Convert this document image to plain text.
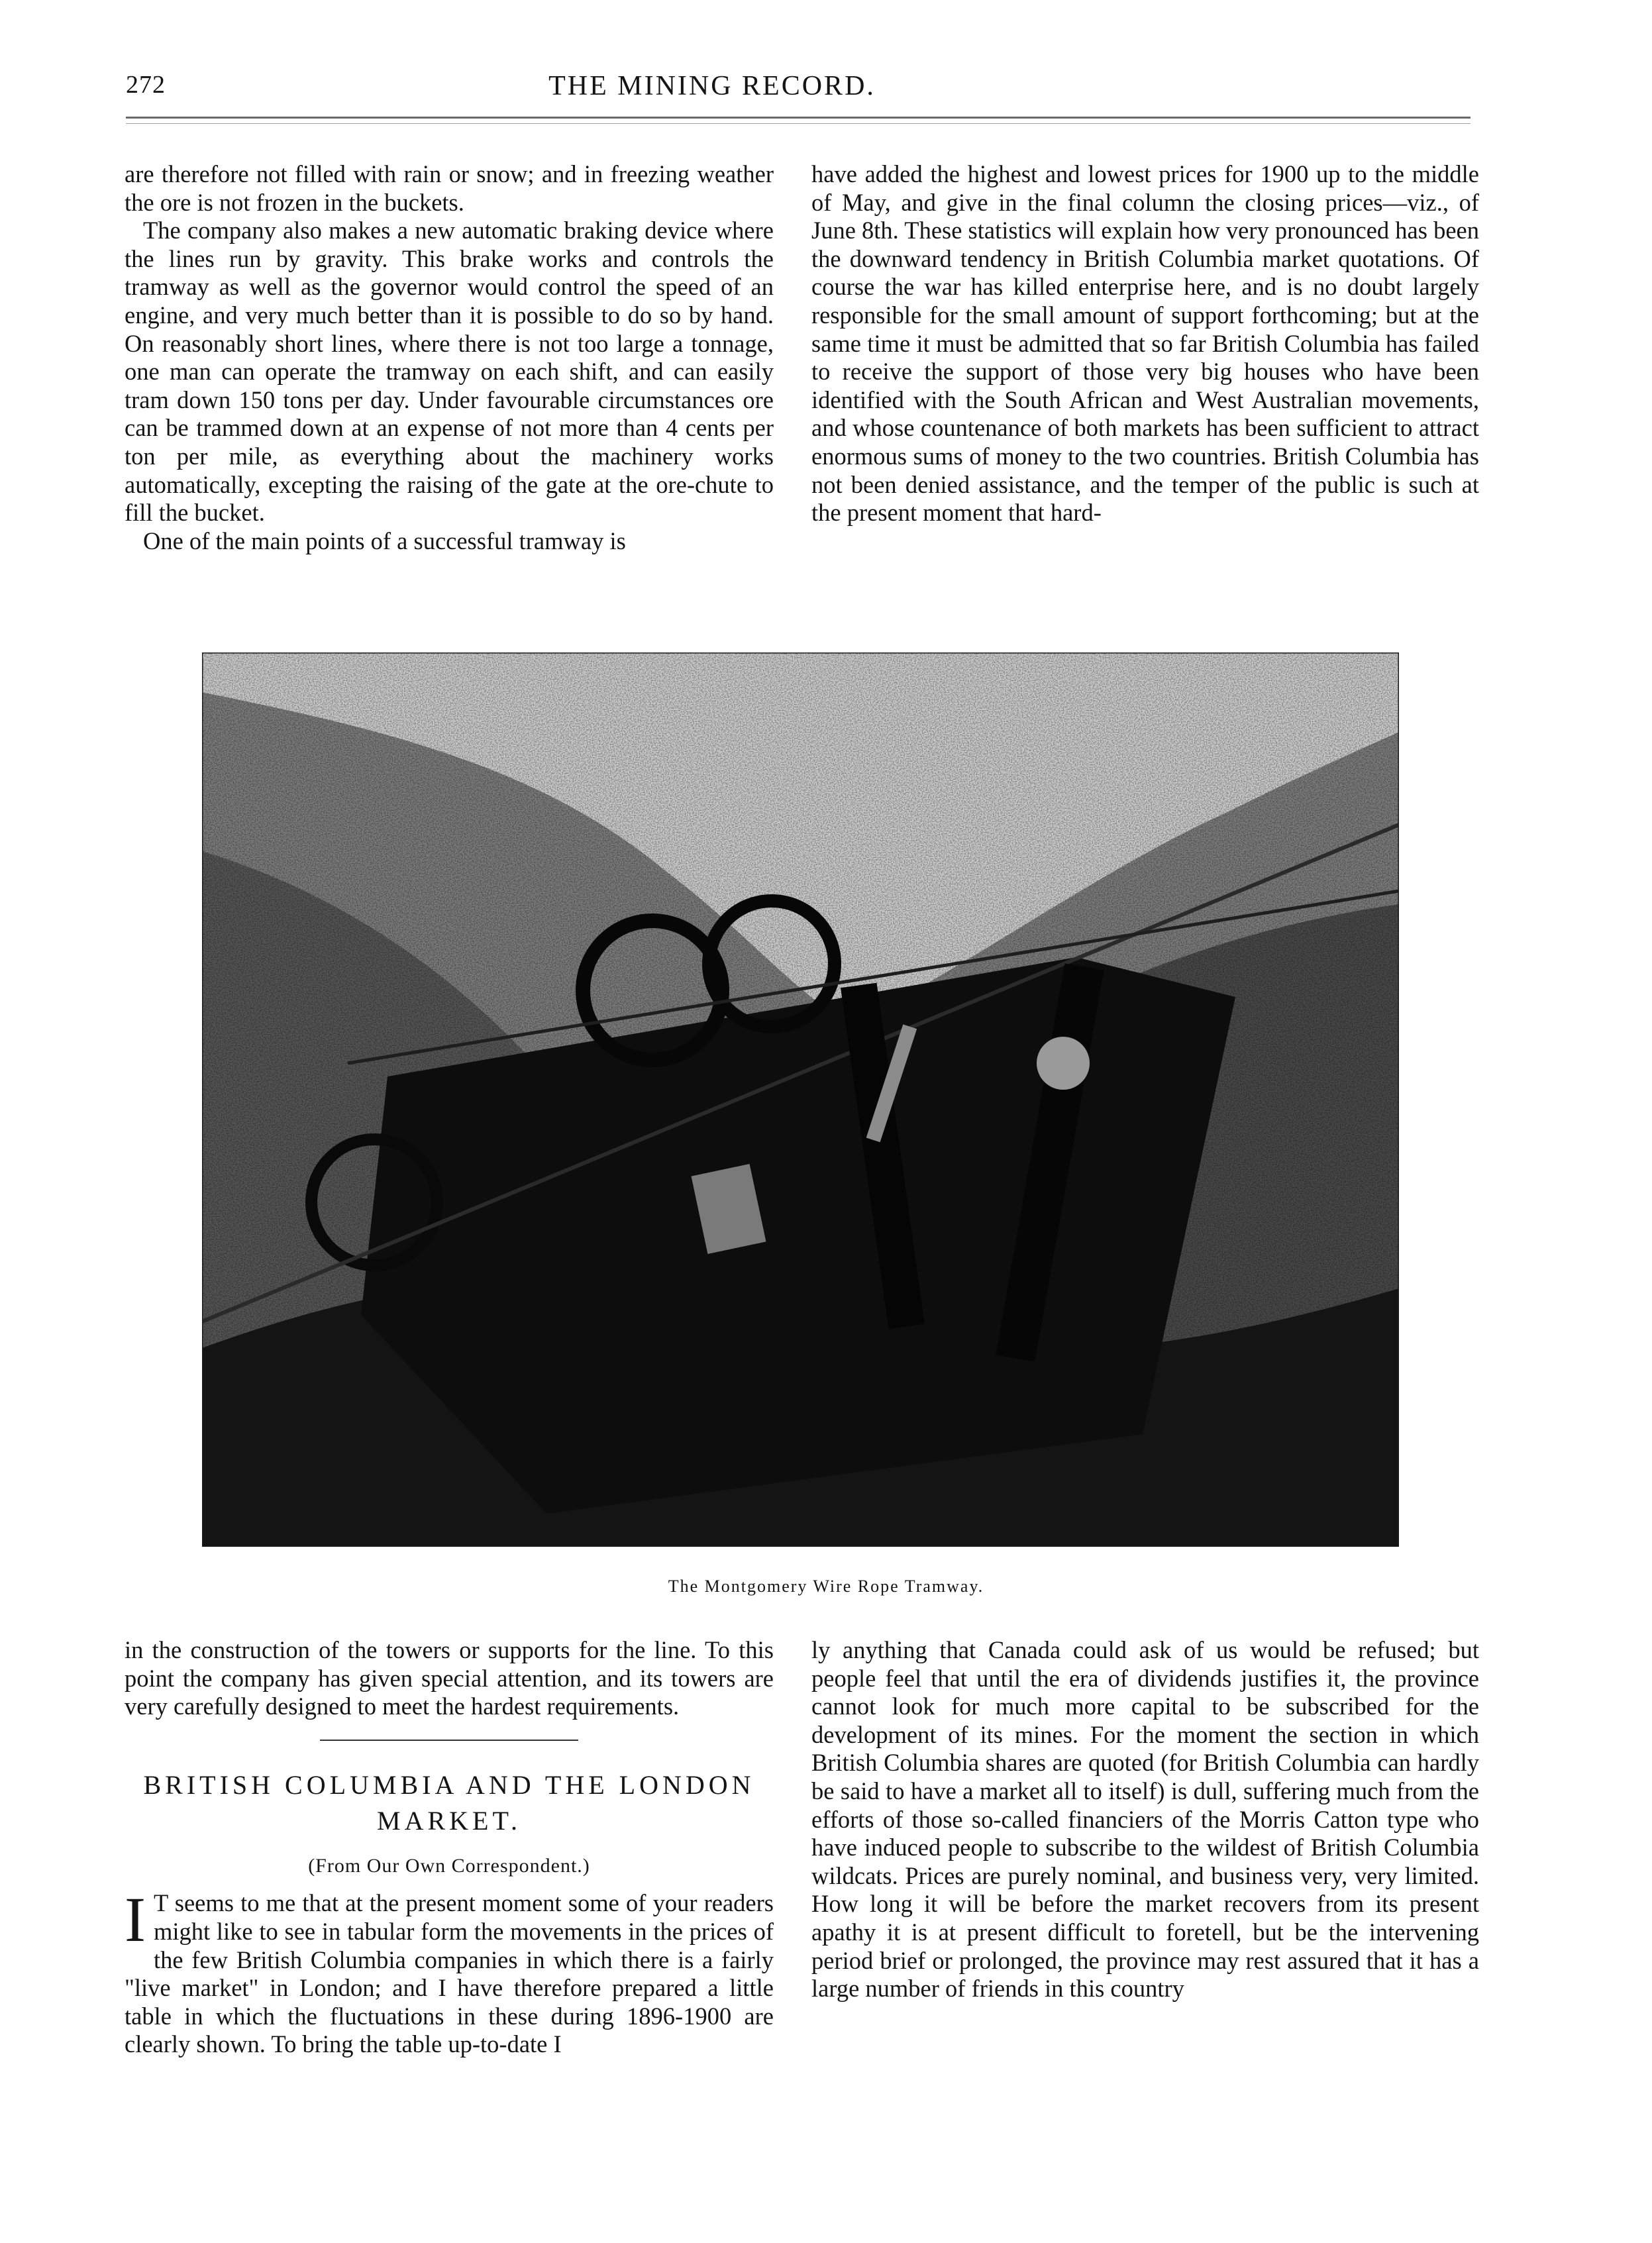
272	THE MINING RECORD.

are therefore not filled with rain or snow; and in freezing weather the ore is not frozen in the buckets.

The company also makes a new automatic braking device where the lines run by gravity. This brake works and controls the tramway as well as the governor would control the speed of an engine, and very much better than it is possible to do so by hand. On reasonably short lines, where there is not too large a tonnage, one man can operate the tramway on each shift, and can easily tram down 150 tons per day. Under favourable circumstances ore can be trammed down at an expense of not more than 4 cents per ton per mile, as everything about the machinery works automatically, excepting the raising of the gate at the ore-chute to fill the bucket.

One of the main points of a successful tramway is

have added the highest and lowest prices for 1900 up to the middle of May, and give in the final column the closing prices—viz., of June 8th. These statistics will explain how very pronounced has been the downward tendency in British Columbia market quotations. Of course the war has killed enterprise here, and is no doubt largely responsible for the small amount of support forthcoming; but at the same time it must be admitted that so far British Columbia has failed to receive the support of those very big houses who have been identified with the South African and West Australian movements, and whose countenance of both markets has been sufficient to attract enormous sums of money to the two countries. British Columbia has not been denied assistance, and the temper of the public is such at the present moment that hard-

The Montgomery Wire Rope Tramway.

in the construction of the towers or supports for the line. To this point the company has given special attention, and its towers are very carefully designed to meet the hardest requirements.

BRITISH COLUMBIA AND THE LONDON MARKET.
(From Our Own Correspondent.)

I T seems to me that at the present moment some of your readers might like to see in tabular form the movements in the prices of the few British Columbia companies in which there is a fairly "live market" in London; and I have therefore prepared a little table in which the fluctuations in these during 1896-1900 are clearly shown. To bring the table up-to-date I

ly anything that Canada could ask of us would be refused; but people feel that until the era of dividends justifies it, the province cannot look for much more capital to be subscribed for the development of its mines. For the moment the section in which British Columbia shares are quoted (for British Columbia can hardly be said to have a market all to itself) is dull, suffering much from the efforts of those so-called financiers of the Morris Catton type who have induced people to subscribe to the wildest of British Columbia wildcats. Prices are purely nominal, and business very, very limited. How long it will be before the market recovers from its present apathy it is at present difficult to foretell, but be the intervening period brief or prolonged, the province may rest assured that it has a large number of friends in this country
